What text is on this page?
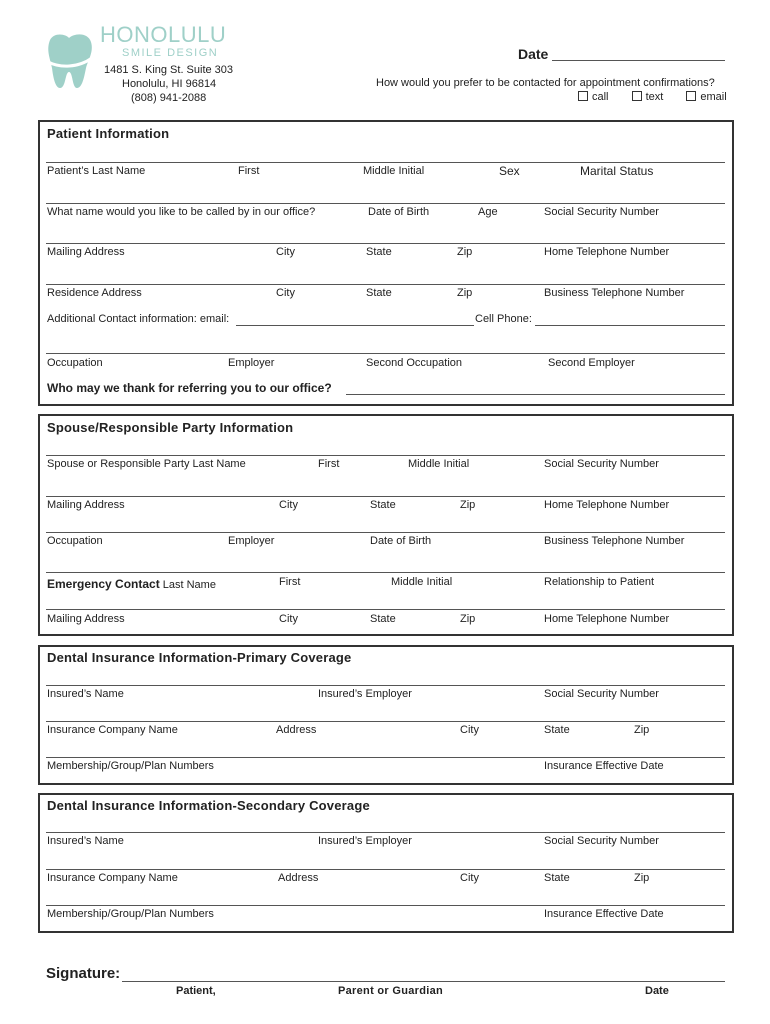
HONOLULU
SMILE DESIGN
1481 S. King St. Suite 303
Honolulu, HI 96814
(808) 941-2088
Date
How would you prefer to be contacted for appointment confirmations?
call	text	email
Patient Information
Patient’s Last Name	First	Middle Initial	Sex	Marital Status
What name would you like to be called by in our office?	Date of Birth	Age	Social Security Number
Mailing Address	City	State	Zip	Home Telephone Number
Residence Address	City	State	Zip	Business Telephone Number
Additional Contact information: email:	Cell Phone:
Occupation	Employer	Second Occupation	Second Employer
Who may we thank for referring you to our office?
Spouse/Responsible Party Information
Spouse or Responsible Party Last Name	First	Middle Initial	Social Security Number
Mailing Address	City	State	Zip	Home Telephone Number
Occupation	Employer	Date of Birth	Business Telephone Number
Emergency Contact Last Name	First	Middle Initial	Relationship to Patient
Mailing Address	City	State	Zip	Home Telephone Number
Dental Insurance Information-Primary Coverage
Insured’s Name	Insured’s Employer	Social Security Number
Insurance Company Name	Address	City	State	Zip
Membership/Group/Plan Numbers	Insurance Effective Date
Dental Insurance Information-Secondary Coverage
Insured’s Name	Insured’s Employer	Social Security Number
Insurance Company Name	Address	City	State	Zip
Membership/Group/Plan Numbers	Insurance Effective Date
Signature:
Patient,	Parent or Guardian	Date
